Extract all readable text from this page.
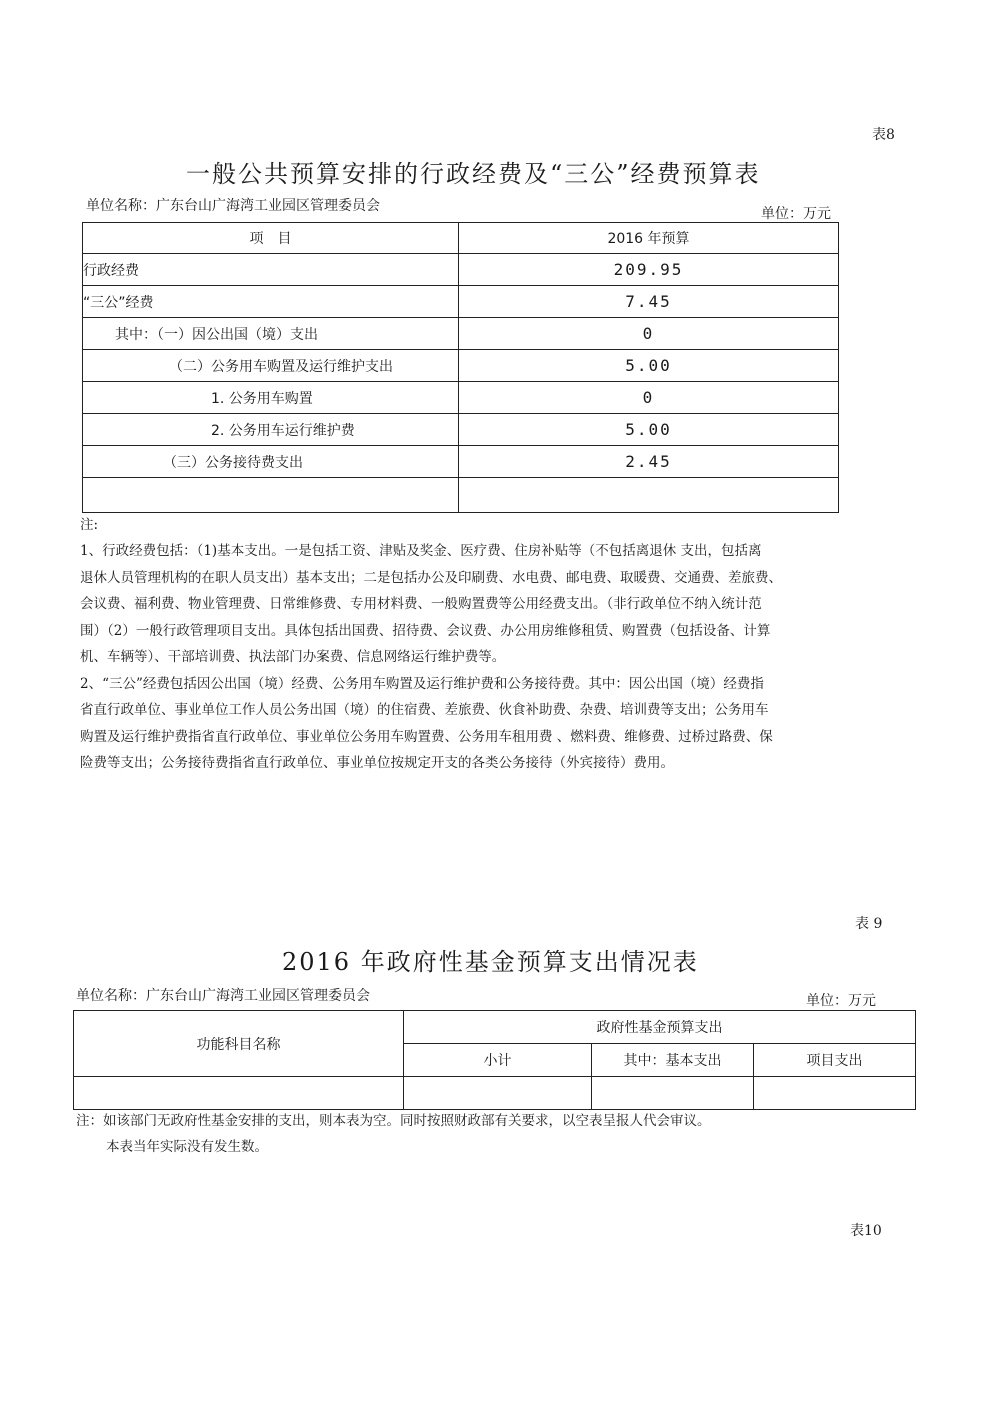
表8
一般公共预算安排的行政经费及“三公”经费预算表
单位名称：广东台山广海湾工业园区管理委员会	单位：万元
项　目	2016 年预算
行政经费	209.95
“三公”经费	7.45
其中：（一）因公出国（境）支出	0
（二）公务用车购置及运行维护支出	5.00
1. 公务用车购置	0
2. 公务用车运行维护费	5.00
（三）公务接待费支出	2.45

注:
1、行政经费包括：（1)基本支出。一是包括工资、津贴及奖金、医疗费、住房补贴等（不包括离退休 支出，包括离
退休人员管理机构的在职人员支出）基本支出；二是包括办公及印刷费、水电费、邮电费、取暖费、交通费、差旅费、
会议费、福利费、物业管理费、日常维修费、专用材料费、一般购置费等公用经费支出。（非行政单位不纳入统计范
围）（2）一般行政管理项目支出。具体包括出国费、招待费、会议费、办公用房维修租赁、购置费（包括设备、计算
机、车辆等）、干部培训费、执法部门办案费、信息网络运行维护费等。
2、“三公”经费包括因公出国（境）经费、公务用车购置及运行维护费和公务接待费。其中：因公出国（境）经费指
省直行政单位、事业单位工作人员公务出国（境）的住宿费、差旅费、伙食补助费、杂费、培训费等支出；公务用车
购置及运行维护费指省直行政单位、事业单位公务用车购置费、公务用车租用费 、燃料费、维修费、过桥过路费、保
险费等支出；公务接待费指省直行政单位、事业单位按规定开支的各类公务接待（外宾接待）费用。
表 9
2016 年政府性基金预算支出情况表
单位名称：广东台山广海湾工业园区管理委员会	单位：万元
功能科目名称	政府性基金预算支出		
	小计	其中：基本支出	项目支出

注：如该部门无政府性基金安排的支出，则本表为空。同时按照财政部有关要求，以空表呈报人代会审议。
本表当年实际没有发生数。
表10
